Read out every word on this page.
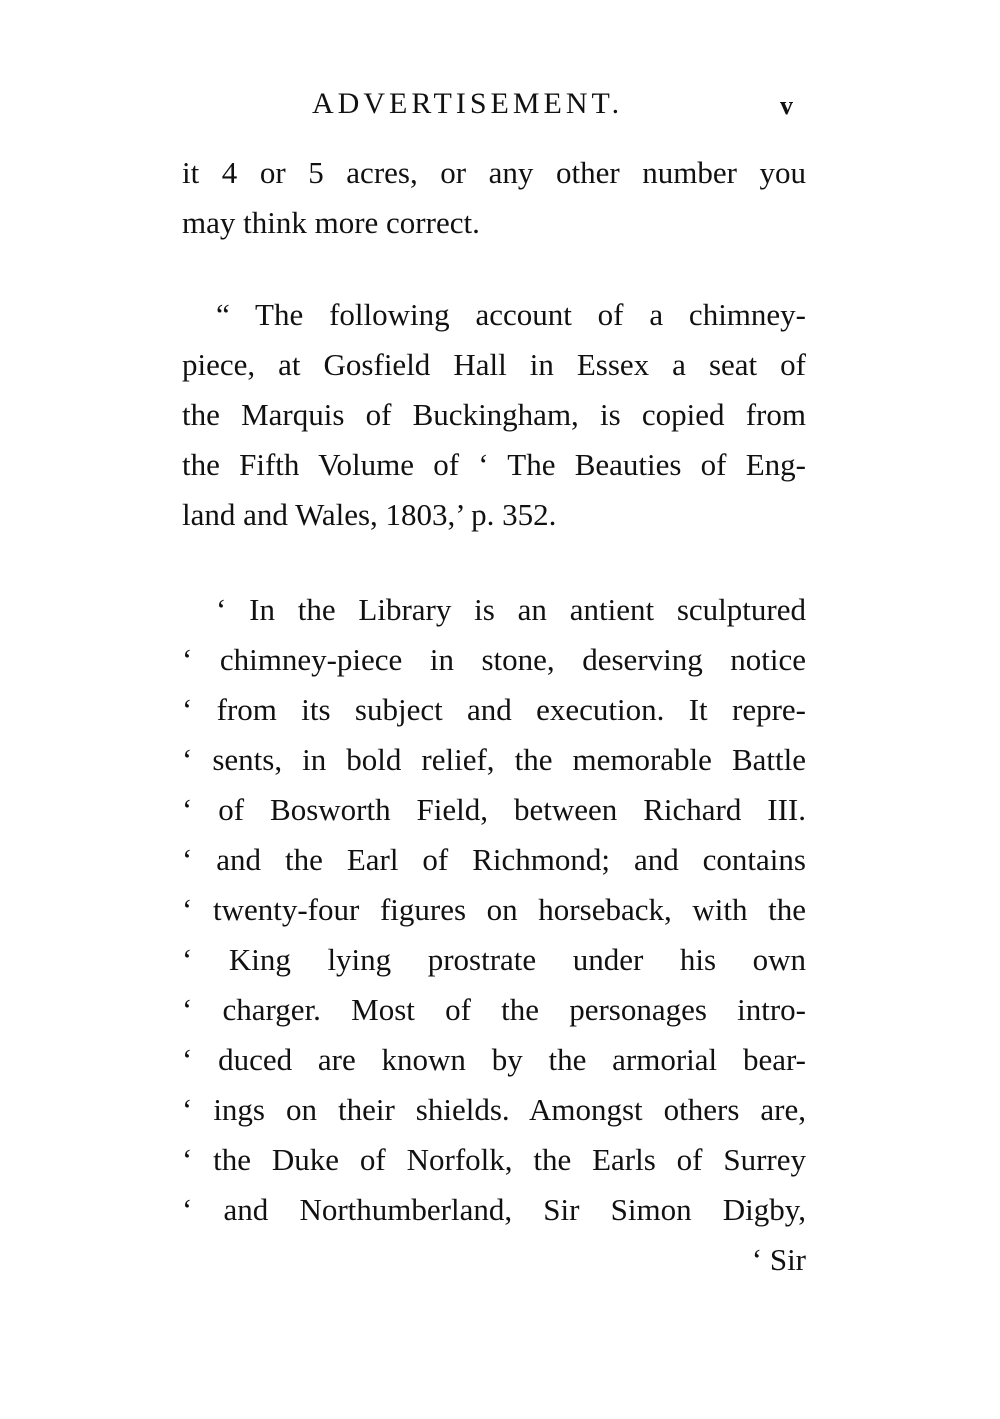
ADVERTISEMENT.	v
it 4 or 5 acres, or any other number you
may think more correct.
“ The following account of a chimney-
piece, at Gosfield Hall in Essex a seat of
the Marquis of Buckingham, is copied from
the Fifth Volume of ‘ The Beauties of Eng-
land and Wales, 1803,’ p. 352.
‘ In the Library is an antient sculptured
‘ chimney-piece in stone, deserving notice
‘ from its subject and execution. It repre-
‘ sents, in bold relief, the memorable Battle
‘ of Bosworth Field, between Richard III.
‘ and the Earl of Richmond; and contains
‘ twenty-four figures on horseback, with the
‘ King lying prostrate under his own
‘ charger. Most of the personages intro-
‘ duced are known by the armorial bear-
‘ ings on their shields. Amongst others are,
‘ the Duke of Norfolk, the Earls of Surrey
‘ and Northumberland, Sir Simon Digby,
‘ Sir
